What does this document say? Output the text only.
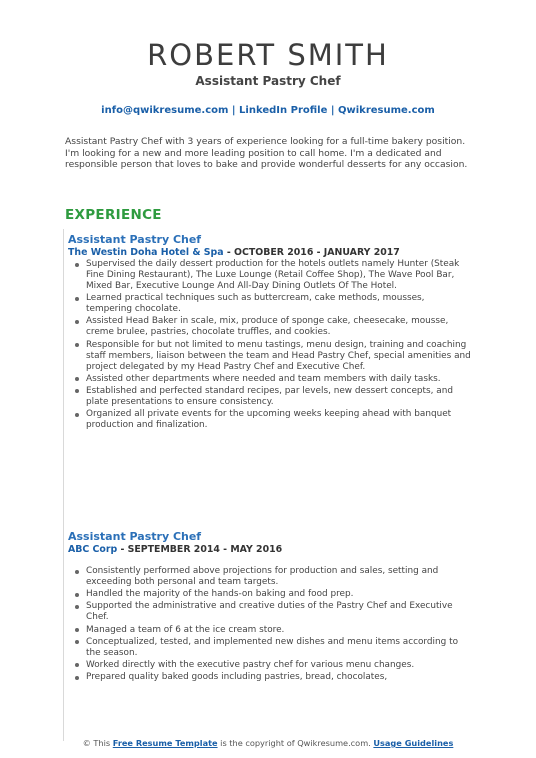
ROBERT SMITH
Assistant Pastry Chef
info@qwikresume.com | LinkedIn Profile | Qwikresume.com
Assistant Pastry Chef with 3 years of experience looking for a full-time bakery position. I'm looking for a new and more leading position to call home. I'm a dedicated and responsible person that loves to bake and provide wonderful desserts for any occasion.
EXPERIENCE
Assistant Pastry Chef
The Westin Doha Hotel & Spa - OCTOBER 2016 - JANUARY 2017
Supervised the daily dessert production for the hotels outlets namely Hunter (Steak Fine Dining Restaurant), The Luxe Lounge (Retail Coffee Shop), The Wave Pool Bar, Mixed Bar, Executive Lounge And All-Day Dining Outlets Of The Hotel.
Learned practical techniques such as buttercream, cake methods, mousses, tempering chocolate.
Assisted Head Baker in scale, mix, produce of sponge cake, cheesecake, mousse, creme brulee, pastries, chocolate truffles, and cookies.
Responsible for but not limited to menu tastings, menu design, training and coaching staff members, liaison between the team and Head Pastry Chef, special amenities and project delegated by my Head Pastry Chef and Executive Chef.
Assisted other departments where needed and team members with daily tasks.
Established and perfected standard recipes, par levels, new dessert concepts, and plate presentations to ensure consistency.
Organized all private events for the upcoming weeks keeping ahead with banquet production and finalization.
Assistant Pastry Chef
ABC Corp - SEPTEMBER 2014 - MAY 2016
Consistently performed above projections for production and sales, setting and exceeding both personal and team targets.
Handled the majority of the hands-on baking and food prep.
Supported the administrative and creative duties of the Pastry Chef and Executive Chef.
Managed a team of 6 at the ice cream store.
Conceptualized, tested, and implemented new dishes and menu items according to the season.
Worked directly with the executive pastry chef for various menu changes.
Prepared quality baked goods including pastries, bread, chocolates,
© This Free Resume Template is the copyright of Qwikresume.com. Usage Guidelines
